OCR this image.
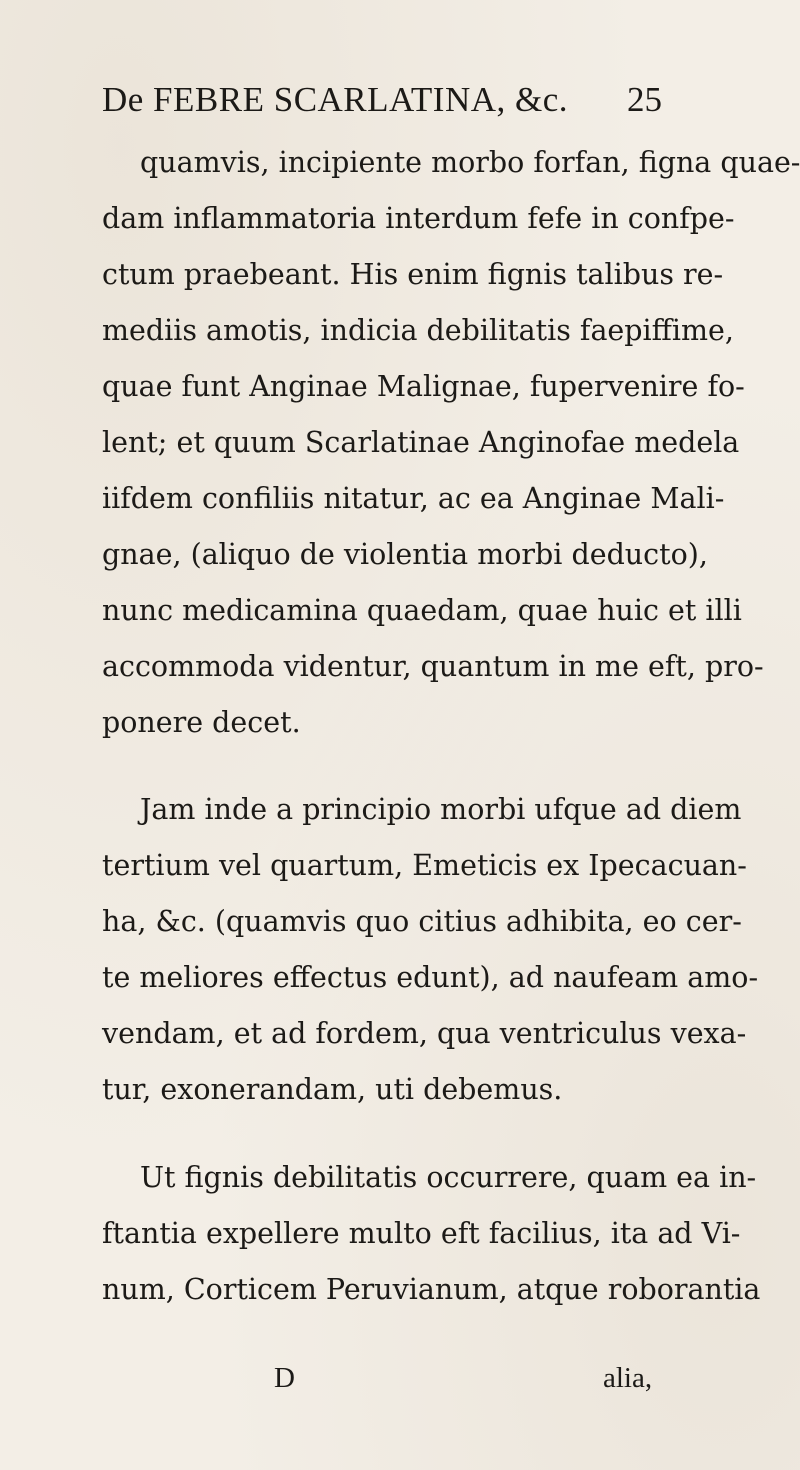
De FEBRE SCARLATINA, &c. 25
quamvis, incipiente morbo forfan, figna quae-
dam inflammatoria interdum fefe in confpe-
ctum praebeant. His enim fignis talibus re-
mediis amotis, indicia debilitatis faepiffime,
quae funt Anginae Malignae, fupervenire fo-
lent; et quum Scarlatinae Anginofae medela
iifdem confiliis nitatur, ac ea Anginae Mali-
gnae, (aliquo de violentia morbi deducto),
nunc medicamina quaedam, quae huic et illi
accommoda videntur, quantum in me eft, pro-
ponere decet.
Jam inde a principio morbi ufque ad diem
tertium vel quartum, Emeticis ex Ipecacuan-
ha, &c. (quamvis quo citius adhibita, eo cer-
te meliores effectus edunt), ad naufeam amo-
vendam, et ad fordem, qua ventriculus vexa-
tur, exonerandam, uti debemus.
Ut fignis debilitatis occurrere, quam ea in-
ftantia expellere multo eft facilius, ita ad Vi-
num, Corticem Peruvianum, atque roborantia
D	alia,
